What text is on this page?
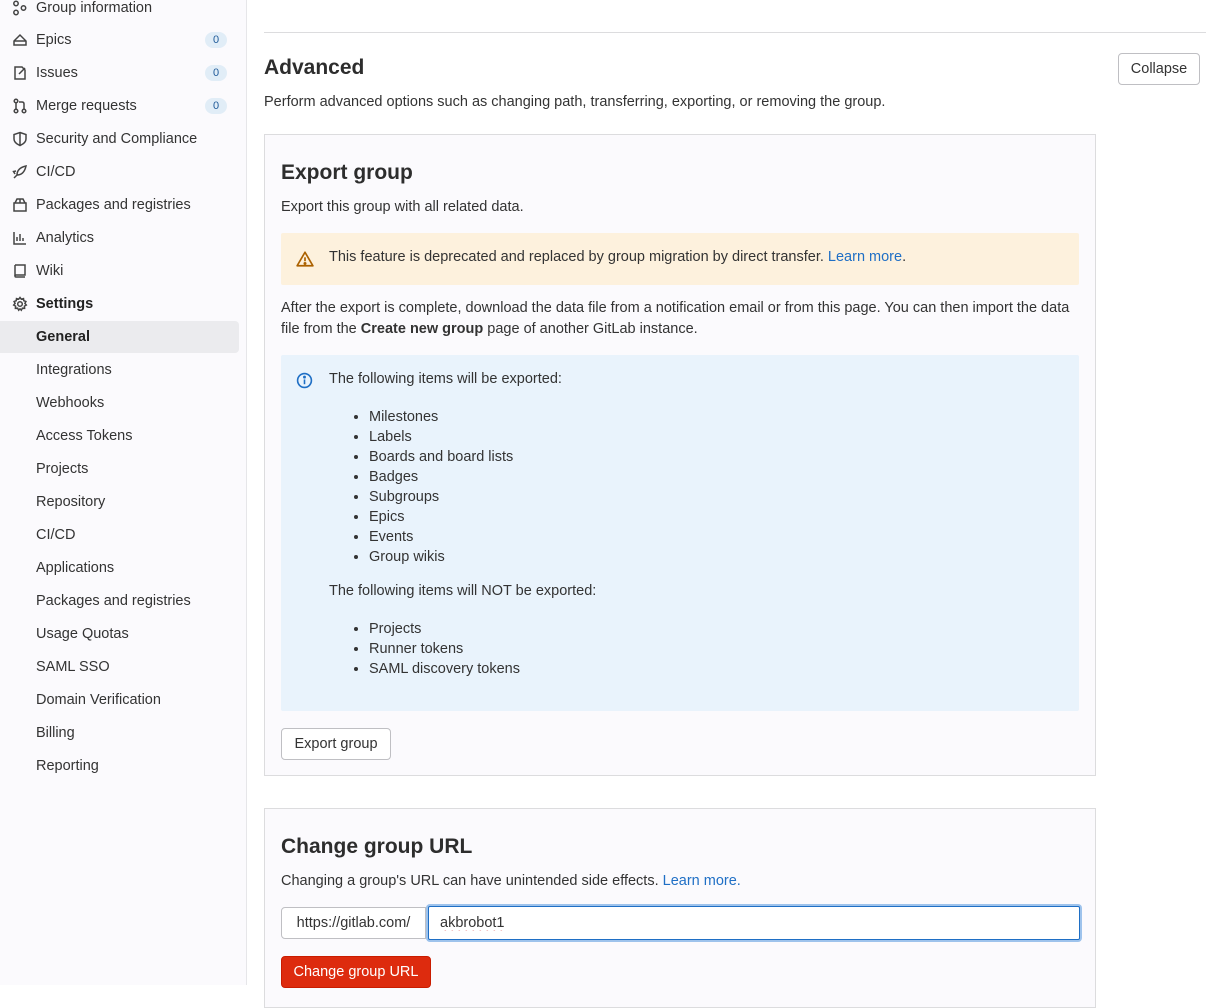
Group information
Epics	0
Issues	0
Merge requests	0
Security and Compliance
CI/CD
Packages and registries
Analytics
Wiki
Settings
General
Integrations
Webhooks
Access Tokens
Projects
Repository
CI/CD
Applications
Packages and registries
Usage Quotas
SAML SSO
Domain Verification
Billing
Reporting
Advanced
Perform advanced options such as changing path, transferring, exporting, or removing the group.
Collapse
Export group
Export this group with all related data.
This feature is deprecated and replaced by group migration by direct transfer. Learn more.
After the export is complete, download the data file from a notification email or from this page. You can then import the data file from the Create new group page of another GitLab instance.
The following items will be exported:
• Milestones
• Labels
• Boards and board lists
• Badges
• Subgroups
• Epics
• Events
• Group wikis
The following items will NOT be exported:
• Projects
• Runner tokens
• SAML discovery tokens
Export group
Change group URL
Changing a group's URL can have unintended side effects. Learn more.
https://gitlab.com/
akbrobot1
Change group URL
